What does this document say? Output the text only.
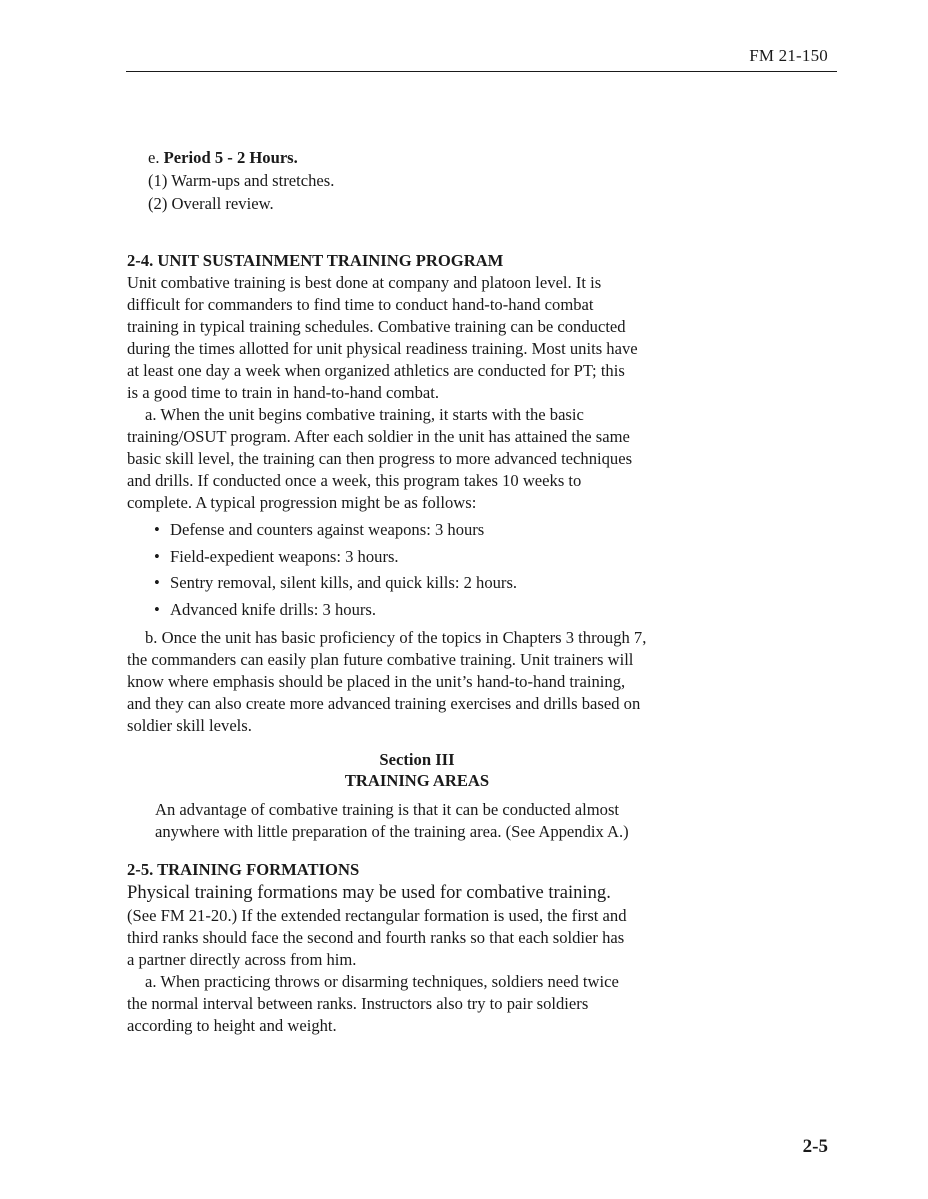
FM 21-150
e. Period 5 - 2 Hours.
(1) Warm-ups and stretches.
(2) Overall review.
2-4. UNIT SUSTAINMENT TRAINING PROGRAM
Unit combative training is best done at company and platoon level. It is
difficult for commanders to find time to conduct hand-to-hand combat
training in typical training schedules. Combative training can be conducted
during the times allotted for unit physical readiness training. Most units have
at least one day a week when organized athletics are conducted for PT; this
is a good time to train in hand-to-hand combat.
a. When the unit begins combative training, it starts with the basic
training/OSUT program. After each soldier in the unit has attained the same
basic skill level, the training can then progress to more advanced techniques
and drills. If conducted once a week, this program takes 10 weeks to
complete. A typical progression might be as follows:
• Defense and counters against weapons: 3 hours
• Field-expedient weapons: 3 hours.
• Sentry removal, silent kills, and quick kills: 2 hours.
• Advanced knife drills: 3 hours.
b. Once the unit has basic proficiency of the topics in Chapters 3 through 7,
the commanders can easily plan future combative training. Unit trainers will
know where emphasis should be placed in the unit’s hand-to-hand training,
and they can also create more advanced training exercises and drills based on
soldier skill levels.
Section III
TRAINING AREAS
An advantage of combative training is that it can be conducted almost
anywhere with little preparation of the training area. (See Appendix A.)
2-5. TRAINING FORMATIONS
Physical training formations may be used for combative training.
(See FM 21-20.) If the extended rectangular formation is used, the first and
third ranks should face the second and fourth ranks so that each soldier has
a partner directly across from him.
a. When practicing throws or disarming techniques, soldiers need twice
the normal interval between ranks. Instructors also try to pair soldiers
according to height and weight.
2-5
